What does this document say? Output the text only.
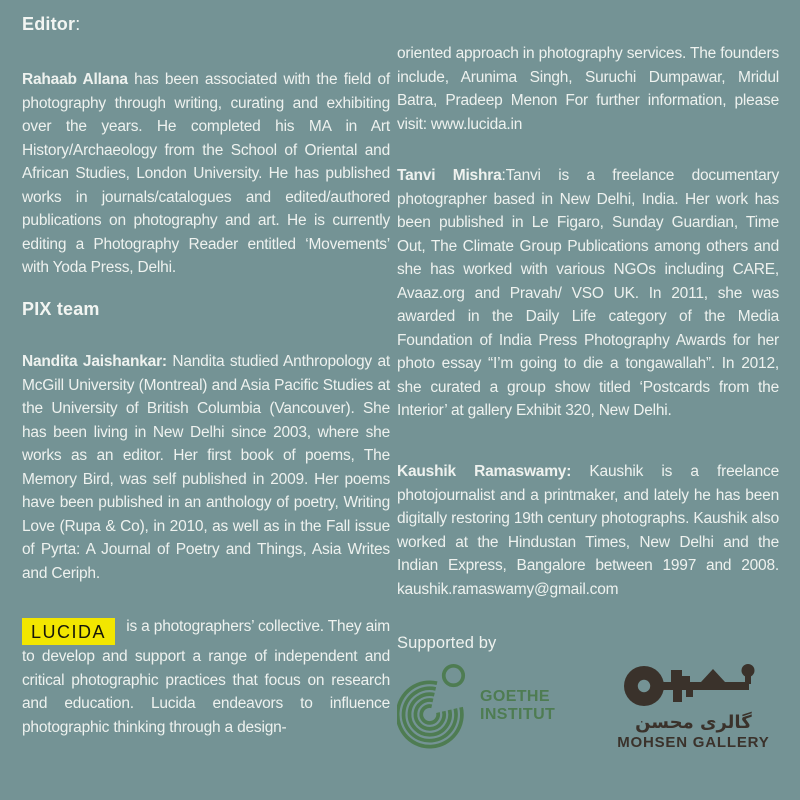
Editor:

Rahaab Allana has been associated with the field of photography through writing, curating and exhibiting over the years. He completed his MA in Art History/Archaeology from the School of Oriental and African Studies, London University. He has published works in journals/catalogues and edited/authored publications on photography and art. He is currently editing a Photography Reader entitled ‘Movements’ with Yoda Press, Delhi.

PIX team

Nandita Jaishankar: Nandita studied Anthropology at McGill University (Montreal) and Asia Pacific Studies at the University of British Columbia (Vancouver). She has been living in New Delhi since 2003, where she works as an editor. Her first book of poems, The Memory Bird, was self published in 2009. Her poems have been published in an anthology of poetry, Writing Love (Rupa & Co), in 2010, as well as in the Fall issue of Pyrta: A Journal of Poetry and Things, Asia Writes and Ceriph.

LUCIDA is a photographers’ collective. They aim to develop and support a range of independent and critical photographic practices that focus on research and education. Lucida endeavors to influence photographic thinking through a design-

oriented approach in photography services. The founders include, Arunima Singh, Suruchi Dumpawar, Mridul Batra, Pradeep Menon For further information, please visit: www.lucida.in

Tanvi Mishra:Tanvi is a freelance documentary photographer based in New Delhi, India. Her work has been published in Le Figaro, Sunday Guardian, Time Out, The Climate Group Publications among others and she has worked with various NGOs including CARE, Avaaz.org and Pravah/ VSO UK. In 2011, she was awarded in the Daily Life category of the Media Foundation of India Press Photography Awards for her photo essay “I’m going to die a tongawallah”. In 2012, she curated a group show titled ‘Postcards from the Interior’ at gallery Exhibit 320, New Delhi.

Kaushik Ramaswamy: Kaushik is a freelance photojournalist and a printmaker, and lately he has been digitally restoring 19th century photographs. Kaushik also worked at the Hindustan Times, New Delhi and the Indian Express, Bangalore between 1997 and 2008. kaushik.ramaswamy@gmail.com

Supported by

GOETHE
INSTITUT	گالری محسن
MOHSEN GALLERY
